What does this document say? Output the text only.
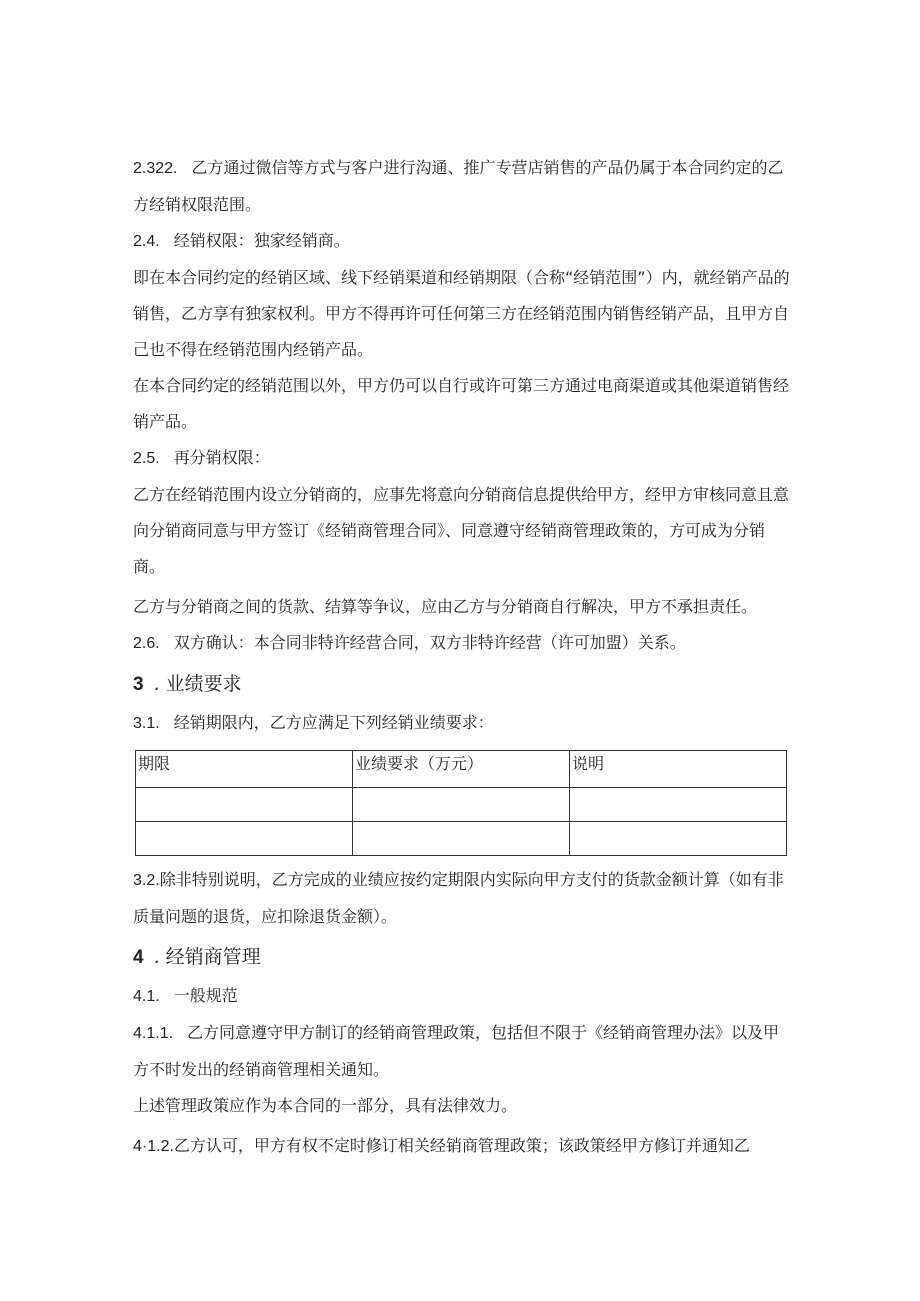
2.322. 乙方通过微信等方式与客户进行沟通、推广专营店销售的产品仍属于本合同约定的乙方经销权限范围。

2.4. 经销权限：独家经销商。

即在本合同约定的经销区域、线下经销渠道和经销期限（合称“经销范围”）内，就经销产品的销售，乙方享有独家权利。甲方不得再许可任何第三方在经销范围内销售经销产品，且甲方自己也不得在经销范围内经销产品。

在本合同约定的经销范围以外，甲方仍可以自行或许可第三方通过电商渠道或其他渠道销售经销产品。

2.5. 再分销权限：

乙方在经销范围内设立分销商的，应事先将意向分销商信息提供给甲方，经甲方审核同意且意向分销商同意与甲方签订《经销商管理合同》、同意遵守经销商管理政策的，方可成为分销商。

乙方与分销商之间的货款、结算等争议，应由乙方与分销商自行解决，甲方不承担责任。

2.6. 双方确认：本合同非特许经营合同，双方非特许经营（许可加盟）关系。

3 . 业绩要求

3.1. 经销期限内，乙方应满足下列经销业绩要求：

期限	业绩要求（万元）	说明

3.2.除非特别说明，乙方完成的业绩应按约定期限内实际向甲方支付的货款金额计算（如有非质量问题的退货，应扣除退货金额）。

4 . 经销商管理

4.1. 一般规范

4.1.1. 乙方同意遵守甲方制订的经销商管理政策，包括但不限于《经销商管理办法》以及甲方不时发出的经销商管理相关通知。

上述管理政策应作为本合同的一部分，具有法律效力。

4·1.2.乙方认可，甲方有权不定时修订相关经销商管理政策；该政策经甲方修订并通知乙
